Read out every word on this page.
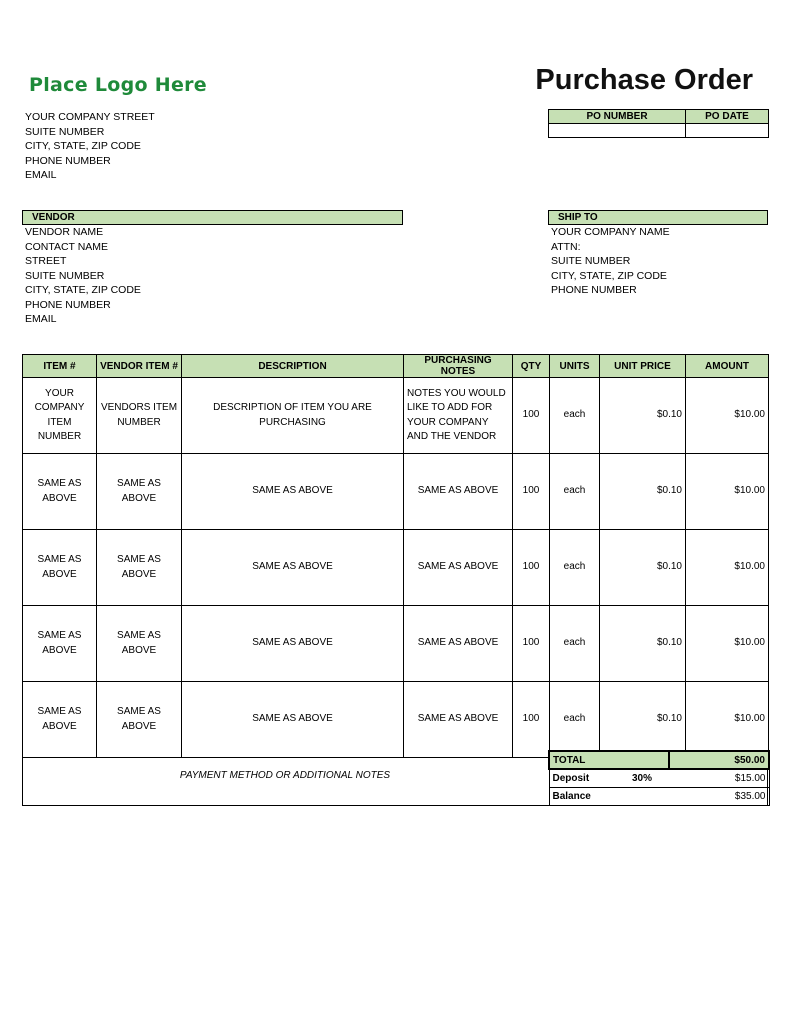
Place Logo Here	Purchase Order
YOUR COMPANY STREET
SUITE NUMBER
CITY, STATE, ZIP CODE
PHONE NUMBER
EMAIL
PO NUMBER	PO DATE

VENDOR
VENDOR NAME
CONTACT NAME
STREET
SUITE NUMBER
CITY, STATE, ZIP CODE
PHONE NUMBER
EMAIL
SHIP TO
YOUR COMPANY NAME
ATTN:
SUITE NUMBER
CITY, STATE, ZIP CODE
PHONE NUMBER
ITEM #	VENDOR ITEM #	DESCRIPTION	PURCHASING NOTES	QTY	UNITS	UNIT PRICE	AMOUNT
YOUR COMPANY ITEM NUMBER	VENDORS ITEM NUMBER	DESCRIPTION OF ITEM YOU ARE PURCHASING	NOTES YOU WOULD LIKE TO ADD FOR YOUR COMPANY AND THE VENDOR	100	each	$0.10	$10.00
SAME AS ABOVE	SAME AS ABOVE	SAME AS ABOVE	SAME AS ABOVE	100	each	$0.10	$10.00
SAME AS ABOVE	SAME AS ABOVE	SAME AS ABOVE	SAME AS ABOVE	100	each	$0.10	$10.00
SAME AS ABOVE	SAME AS ABOVE	SAME AS ABOVE	SAME AS ABOVE	100	each	$0.10	$10.00
SAME AS ABOVE	SAME AS ABOVE	SAME AS ABOVE	SAME AS ABOVE	100	each	$0.10	$10.00
PAYMENT METHOD OR ADDITIONAL NOTES
TOTAL		$50.00
Deposit	30%	$15.00
Balance		$35.00
